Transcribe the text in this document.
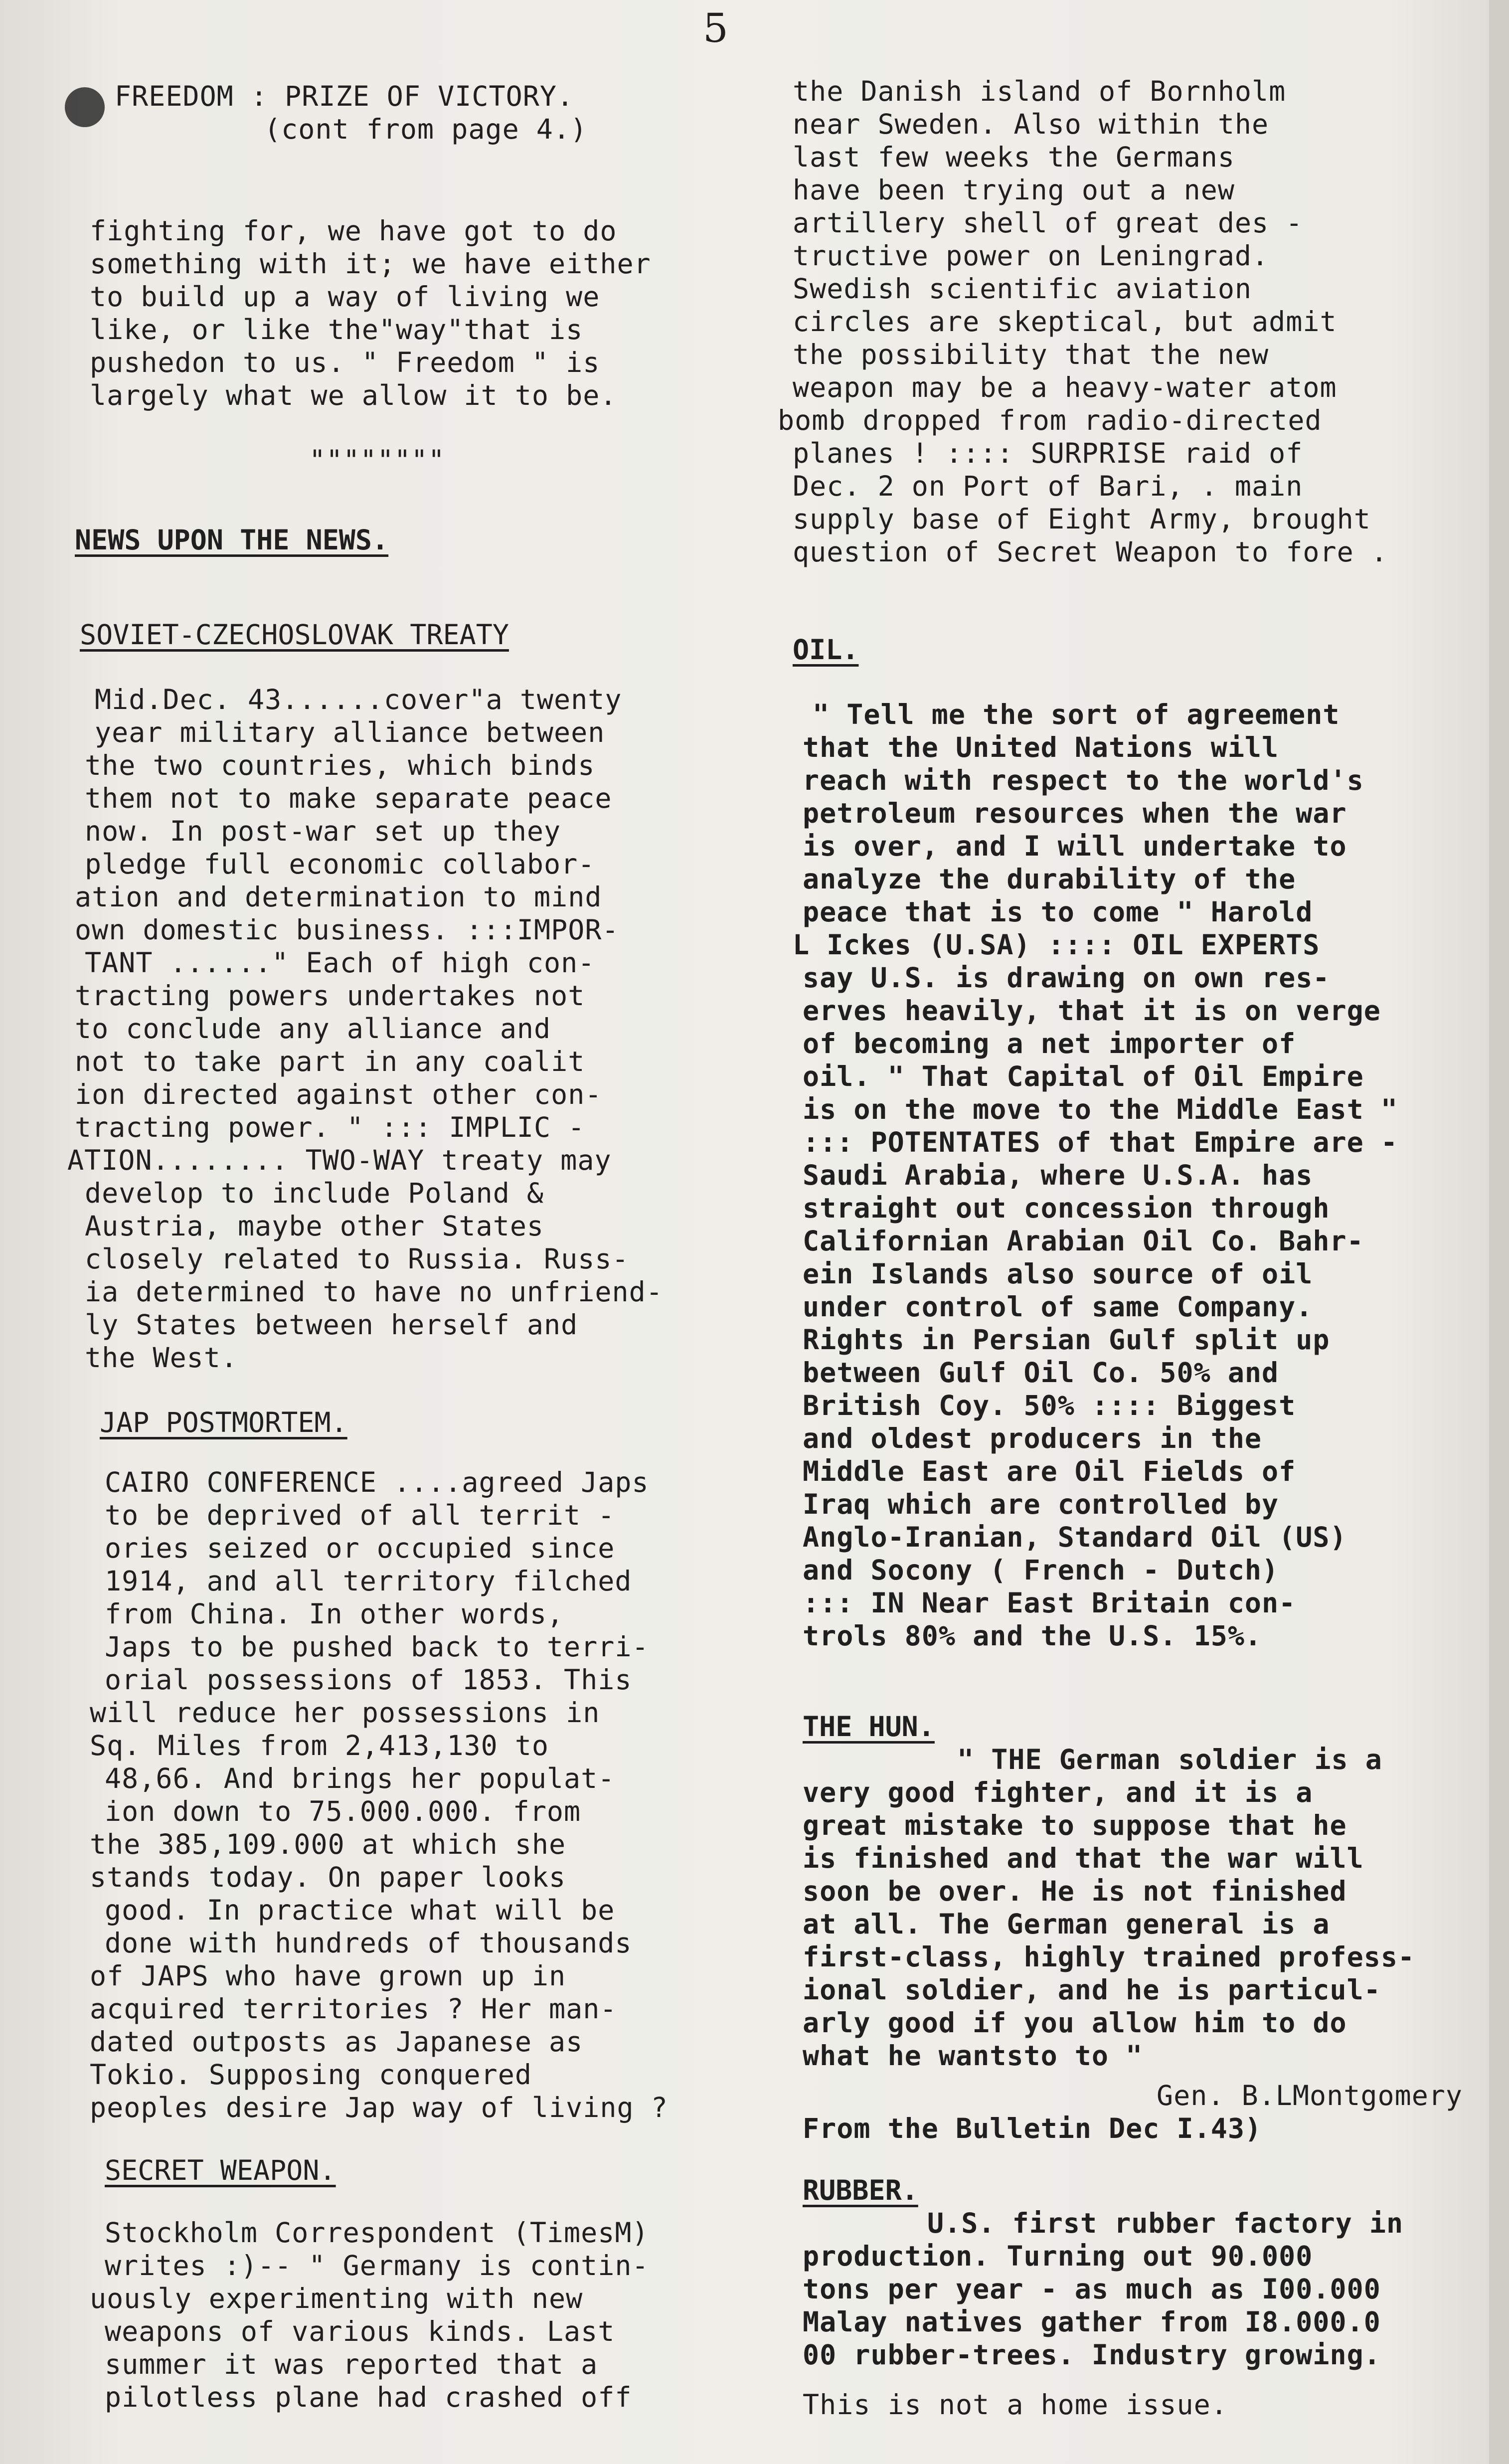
5
FREEDOM : PRIZE OF VICTORY.
(cont from page 4.)
fighting for, we have got to do
something with it; we have either
to build up a way of living we
like, or like the"way"that is
pushedon to us. " Freedom " is
largely what we allow it to be.
""""""""
NEWS UPON THE NEWS.
SOVIET-CZECHOSLOVAK TREATY
Mid.Dec. 43......cover"a twenty
year military alliance between
the two countries, which binds
them not to make separate peace
now. In post-war set up they
pledge full economic collabor-
ation and determination to mind
own domestic business. :::IMPOR-
TANT ......" Each of high con-
tracting powers undertakes not
to conclude any alliance and
not to take part in any coalit
ion directed against other con-
tracting power. " ::: IMPLIC -
ATION........ TWO-WAY treaty may
develop to include Poland &
Austria, maybe other States
closely related to Russia. Russ-
ia determined to have no unfriend-
ly States between herself and
the West.
JAP POSTMORTEM.
CAIRO CONFERENCE ....agreed Japs
to be deprived of all territ -
ories seized or occupied since
1914, and all territory filched
from China. In other words,
Japs to be pushed back to terri-
orial possessions of 1853. This
will reduce her possessions in
Sq. Miles from 2,413,130 to
48,66. And brings her populat-
ion down to 75.000.000. from
the 385,109.000 at which she
stands today. On paper looks
good. In practice what will be
done with hundreds of thousands
of JAPS who have grown up in
acquired territories ? Her man-
dated outposts as Japanese as
Tokio. Supposing conquered
peoples desire Jap way of living ?
SECRET WEAPON.
Stockholm Correspondent (TimesM)
writes :)-- " Germany is contin-
uously experimenting with new
weapons of various kinds. Last
summer it was reported that a
pilotless plane had crashed off
the Danish island of Bornholm
near Sweden. Also within the
last few weeks the Germans
have been trying out a new
artillery shell of great des -
tructive power on Leningrad.
Swedish scientific aviation
circles are skeptical, but admit
the possibility that the new
weapon may be a heavy-water atom
bomb dropped from radio-directed
planes ! :::: SURPRISE raid of
Dec. 2 on Port of Bari, . main
supply base of Eight Army, brought
question of Secret Weapon to fore .
OIL.
" Tell me the sort of agreement
that the United Nations will
reach with respect to the world's
petroleum resources when the war
is over, and I will undertake to
analyze the durability of the
peace that is to come " Harold
L Ickes (U.SA) :::: OIL EXPERTS
say U.S. is drawing on own res-
erves heavily, that it is on verge
of becoming a net importer of
oil. " That Capital of Oil Empire
is on the move to the Middle East "
::: POTENTATES of that Empire are -
Saudi Arabia, where U.S.A. has
straight out concession through
Californian Arabian Oil Co. Bahr-
ein Islands also source of oil
under control of same Company.
Rights in Persian Gulf split up
between Gulf Oil Co. 50% and
British Coy. 50% :::: Biggest
and oldest producers in the
Middle East are Oil Fields of
Iraq which are controlled by
Anglo-Iranian, Standard Oil (US)
and Socony ( French - Dutch)
::: IN Near East Britain con-
trols 80% and the U.S. 15%.
THE HUN.
" THE German soldier is a
very good fighter, and it is a
great mistake to suppose that he
is finished and that the war will
soon be over. He is not finished
at all. The German general is a
first-class, highly trained profess-
ional soldier, and he is particul-
arly good if you allow him to do
what he wantsto to "
Gen. B.LMontgomery
From the Bulletin Dec I.43)
RUBBER.
U.S. first rubber factory in
production. Turning out 90.000
tons per year - as much as I00.000
Malay natives gather from I8.000.0
00 rubber-trees. Industry growing.
This is not a home issue.
